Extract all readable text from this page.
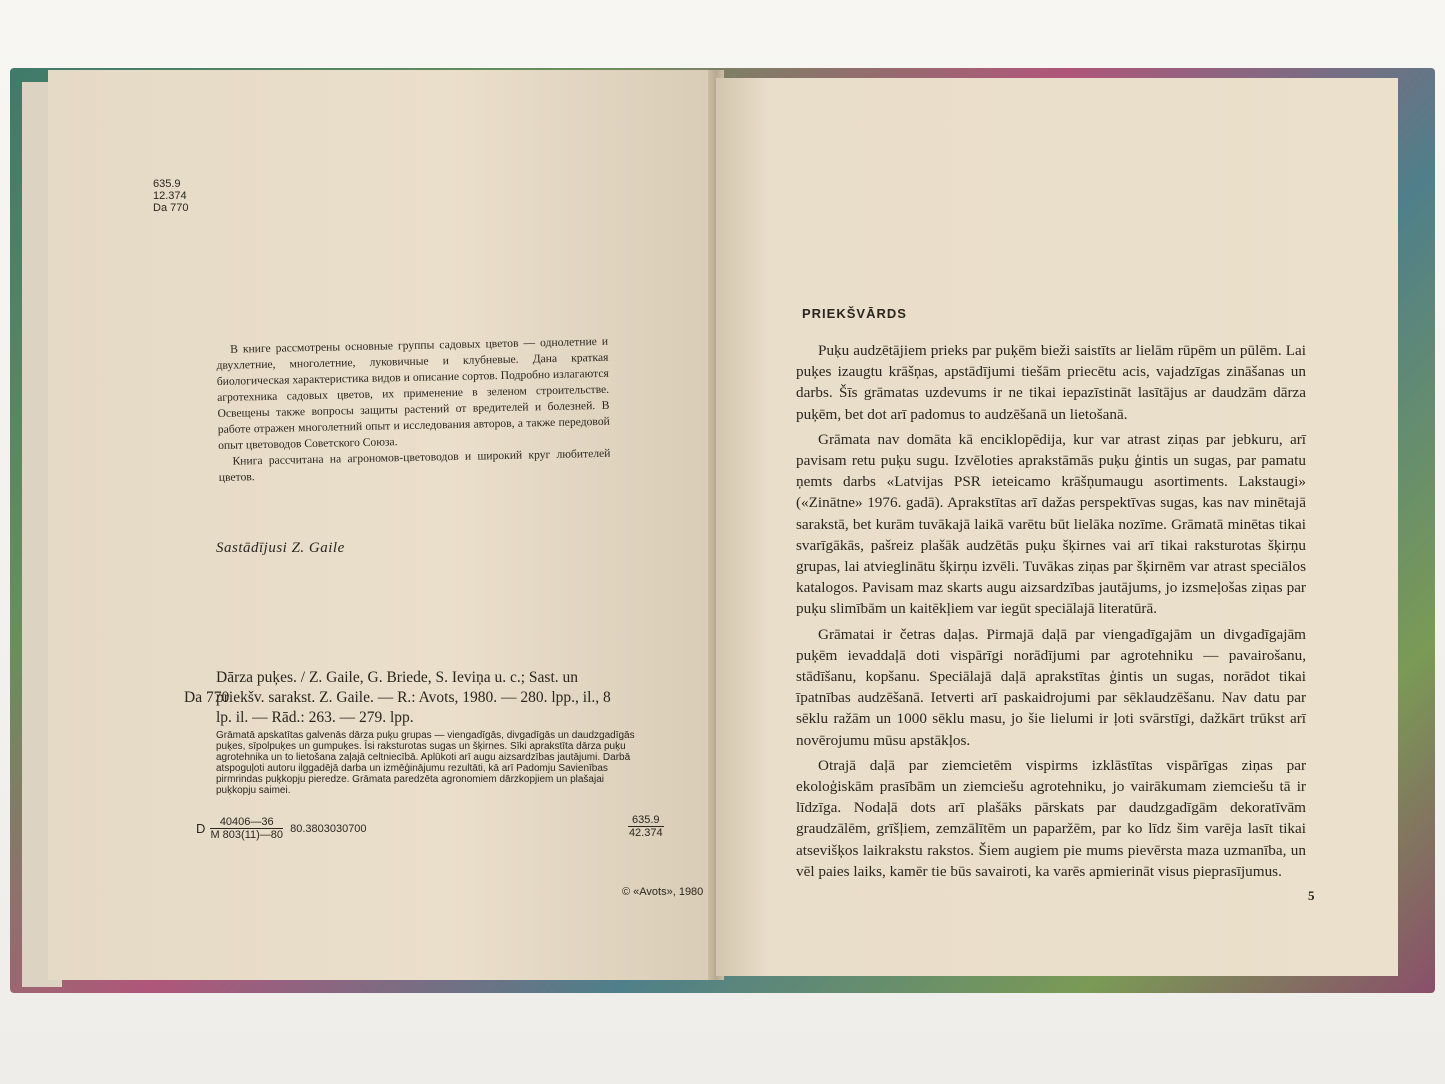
635.9
12.374
Da 770

В книге рассмотрены основные группы садовых цветов — однолетние и двухлетние, многолетние, луковичные и клубневые. Дана краткая биологическая характеристика видов и описание сортов. Подробно излагаются агротехника садовых цветов, их применение в зеленом строительстве. Освещены также вопросы защиты растений от вредителей и болезней. В работе отражен многолетний опыт и исследования авторов, а также передовой опыт цветоводов Советского Союза.

Книга рассчитана на агрономов-цветоводов и широкий круг любителей цветов.

Sastādījusi Z. Gaile
Da 770

Dārza puķes. / Z. Gaile, G. Briede, S. Ieviņa u. c.; Sast. un priekšv. sarakst. Z. Gaile. — R.: Avots, 1980. — 280. lpp., il., 8 lp. il. — Rād.: 263. — 279. lpp.

Grāmatā apskatītas galvenās dārza puķu grupas — viengadīgās, divgadīgās un daudzgadīgās puķes, sīpolpuķes un gumpuķes. Īsi raksturotas sugas un šķirnes. Sīki aprakstīta dārza puķu agrotehnika un to lietošana zaļajā celtniecībā. Aplūkoti arī augu aizsardzības jautājumi. Darbā atspoguļoti autoru ilggadējā darba un izmēģinājumu rezultāti, kā arī Padomju Savienības pirmrindas puķkopju pieredze. Grāmata paredzēta agronomiem dārzkopjiem un plašajai puķkopju saimei.
D $\frac{40406—36}{M 803(11)—80} 80.3803030700$
635.9
42.374
© «Avots», 1980
PRIEKŠVĀRDS

Puķu audzētājiem prieks par puķēm bieži saistīts ar lielām rūpēm un pūlēm. Lai puķes izaugtu krāšņas, apstādījumi tiešām priecētu acis, vajadzīgas zināšanas un darbs. Šīs grāmatas uzdevums ir ne tikai iepazīstināt lasītājus ar daudzām dārza puķēm, bet dot arī padomus to audzēšanā un lietošanā.

Grāmata nav domāta kā enciklopēdija, kur var atrast ziņas par jebkuru, arī pavisam retu puķu sugu. Izvēloties aprakstāmās puķu ģintis un sugas, par pamatu ņemts darbs «Latvijas PSR ieteicamo krāšņumaugu asortiments. Lakstaugi» («Zinātne» 1976. gadā). Aprakstītas arī dažas perspektīvas sugas, kas nav minētajā sarakstā, bet kurām tuvākajā laikā varētu būt lielāka nozīme. Grāmatā minētas tikai svarīgākās, pašreiz plašāk audzētās puķu šķirnes vai arī tikai raksturotas šķirņu grupas, lai atvieglinātu šķirņu izvēli. Tuvākas ziņas par šķirnēm var atrast speciālos katalogos. Pavisam maz skarts augu aizsardzības jautājums, jo izsmeļošas ziņas par puķu slimībām un kaitēkļiem var iegūt speciālajā literatūrā.

Grāmatai ir četras daļas. Pirmajā daļā par viengadīgajām un divgadīgajām puķēm ievaddaļā doti vispārīgi norādījumi par agrotehniku — pavairošanu, stādīšanu, kopšanu. Speciālajā daļā aprakstītas ģintis un sugas, norādot tikai īpatnības audzēšanā. Ietverti arī paskaidrojumi par sēklaudzēšanu. Nav datu par sēklu ražām un 1000 sēklu masu, jo šie lielumi ir ļoti svārstīgi, dažkārt trūkst arī novērojumu mūsu apstākļos.

Otrajā daļā par ziemcietēm vispirms izklāstītas vispārīgas ziņas par ekoloģiskām prasībām un ziemciešu agrotehniku, jo vairākumam ziemciešu tā ir līdzīga. Nodaļā dots arī plašāks pārskats par daudzgadīgām dekoratīvām graudzālēm, grīšļiem, zemzālītēm un paparžēm, par ko līdz šim varēja lasīt tikai atsevišķos laikrakstu rakstos. Šiem augiem pie mums pievērsta maza uzmanība, un vēl paies laiks, kamēr tie būs savairoti, ka varēs apmierināt visus pieprasījumus.

5
